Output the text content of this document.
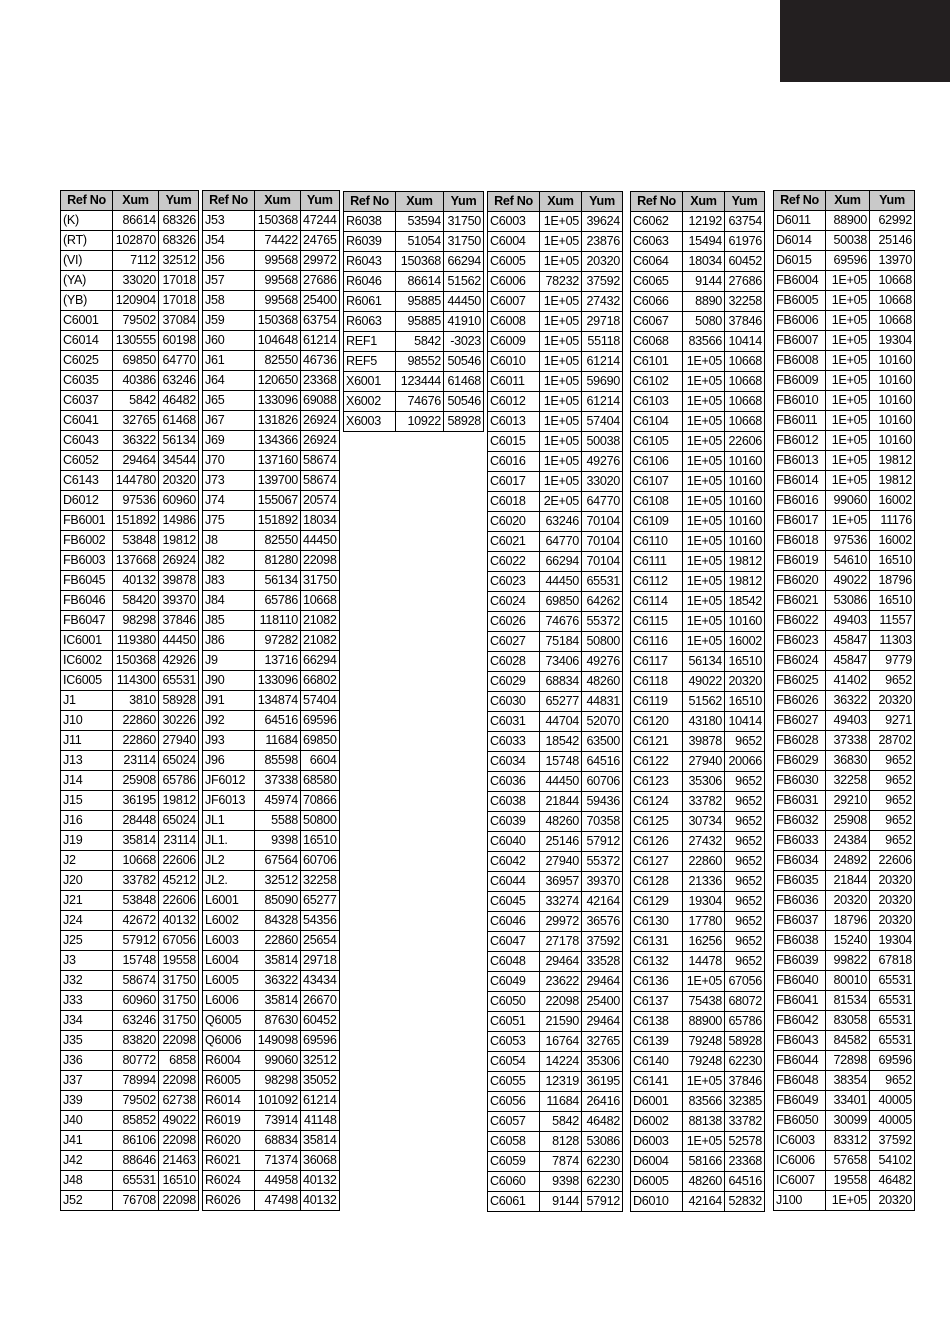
Ref No	Xum	Yum
(K)	86614	68326
(RT)	102870	68326
(VI)	7112	32512
(YA)	33020	17018
(YB)	120904	17018
C6001	79502	37084
C6014	130555	60198
C6025	69850	64770
C6035	40386	63246
C6037	5842	46482
C6041	32765	61468
C6043	36322	56134
C6052	29464	34544
C6143	144780	20320
D6012	97536	60960
FB6001	151892	14986
FB6002	53848	19812
FB6003	137668	26924
FB6045	40132	39878
FB6046	58420	39370
FB6047	98298	37846
IC6001	119380	44450
IC6002	150368	42926
IC6005	114300	65531
J1	3810	58928
J10	22860	30226
J11	22860	27940
J13	23114	65024
J14	25908	65786
J15	36195	19812
J16	28448	65024
J19	35814	23114
J2	10668	22606
J20	33782	45212
J21	53848	22606
J24	42672	40132
J25	57912	67056
J3	15748	19558
J32	58674	31750
J33	60960	31750
J34	63246	31750
J35	83820	22098
J36	80772	6858
J37	78994	22098
J39	79502	62738
J40	85852	49022
J41	86106	22098
J42	88646	21463
J48	65531	16510
J52	76708	22098
Ref No	Xum	Yum
J53	150368	47244
J54	74422	24765
J56	99568	29972
J57	99568	27686
J58	99568	25400
J59	150368	63754
J60	104648	61214
J61	82550	46736
J64	120650	23368
J65	133096	69088
J67	131826	26924
J69	134366	26924
J70	137160	58674
J73	139700	58674
J74	155067	20574
J75	151892	18034
J8	82550	44450
J82	81280	22098
J83	56134	31750
J84	65786	10668
J85	118110	21082
J86	97282	21082
J9	13716	66294
J90	133096	66802
J91	134874	57404
J92	64516	69596
J93	11684	69850
J96	85598	6604
JF6012	37338	68580
JF6013	45974	70866
JL1	5588	50800
JL1.	9398	16510
JL2	67564	60706
JL2.	32512	32258
L6001	85090	65277
L6002	84328	54356
L6003	22860	25654
L6004	35814	29718
L6005	36322	43434
L6006	35814	26670
Q6005	87630	60452
Q6006	149098	69596
R6004	99060	32512
R6005	98298	35052
R6014	101092	61214
R6019	73914	41148
R6020	68834	35814
R6021	71374	36068
R6024	44958	40132
R6026	47498	40132
Ref No	Xum	Yum
R6038	53594	31750
R6039	51054	31750
R6043	150368	66294
R6046	86614	51562
R6061	95885	44450
R6063	95885	41910
REF1	5842	-3023
REF5	98552	50546
X6001	123444	61468
X6002	74676	50546
X6003	10922	58928
Ref No	Xum	Yum
C6003	1E+05	39624
C6004	1E+05	23876
C6005	1E+05	20320
C6006	78232	37592
C6007	1E+05	27432
C6008	1E+05	29718
C6009	1E+05	55118
C6010	1E+05	61214
C6011	1E+05	59690
C6012	1E+05	61214
C6013	1E+05	57404
C6015	1E+05	50038
C6016	1E+05	49276
C6017	1E+05	33020
C6018	2E+05	64770
C6020	63246	70104
C6021	64770	70104
C6022	66294	70104
C6023	44450	65531
C6024	69850	64262
C6026	74676	55372
C6027	75184	50800
C6028	73406	49276
C6029	68834	48260
C6030	65277	44831
C6031	44704	52070
C6033	18542	63500
C6034	15748	64516
C6036	44450	60706
C6038	21844	59436
C6039	48260	70358
C6040	25146	57912
C6042	27940	55372
C6044	36957	39370
C6045	33274	42164
C6046	29972	36576
C6047	27178	37592
C6048	29464	33528
C6049	23622	29464
C6050	22098	25400
C6051	21590	29464
C6053	16764	32765
C6054	14224	35306
C6055	12319	36195
C6056	11684	26416
C6057	5842	46482
C6058	8128	53086
C6059	7874	62230
C6060	9398	62230
C6061	9144	57912
Ref No	Xum	Yum
C6062	12192	63754
C6063	15494	61976
C6064	18034	60452
C6065	9144	27686
C6066	8890	32258
C6067	5080	37846
C6068	83566	10414
C6101	1E+05	10668
C6102	1E+05	10668
C6103	1E+05	10668
C6104	1E+05	10668
C6105	1E+05	22606
C6106	1E+05	10160
C6107	1E+05	10160
C6108	1E+05	10160
C6109	1E+05	10160
C6110	1E+05	10160
C6111	1E+05	19812
C6112	1E+05	19812
C6114	1E+05	18542
C6115	1E+05	10160
C6116	1E+05	16002
C6117	56134	16510
C6118	49022	20320
C6119	51562	16510
C6120	43180	10414
C6121	39878	9652
C6122	27940	20066
C6123	35306	9652
C6124	33782	9652
C6125	30734	9652
C6126	27432	9652
C6127	22860	9652
C6128	21336	9652
C6129	19304	9652
C6130	17780	9652
C6131	16256	9652
C6132	14478	9652
C6136	1E+05	67056
C6137	75438	68072
C6138	88900	65786
C6139	79248	58928
C6140	79248	62230
C6141	1E+05	37846
D6001	83566	32385
D6002	88138	33782
D6003	1E+05	52578
D6004	58166	23368
D6005	48260	64516
D6010	42164	52832
Ref No	Xum	Yum
D6011	88900	62992
D6014	50038	25146
D6015	69596	13970
FB6004	1E+05	10668
FB6005	1E+05	10668
FB6006	1E+05	10668
FB6007	1E+05	19304
FB6008	1E+05	10160
FB6009	1E+05	10160
FB6010	1E+05	10160
FB6011	1E+05	10160
FB6012	1E+05	10160
FB6013	1E+05	19812
FB6014	1E+05	19812
FB6016	99060	16002
FB6017	1E+05	11176
FB6018	97536	16002
FB6019	54610	16510
FB6020	49022	18796
FB6021	53086	16510
FB6022	49403	11557
FB6023	45847	11303
FB6024	45847	9779
FB6025	41402	9652
FB6026	36322	20320
FB6027	49403	9271
FB6028	37338	28702
FB6029	36830	9652
FB6030	32258	9652
FB6031	29210	9652
FB6032	25908	9652
FB6033	24384	9652
FB6034	24892	22606
FB6035	21844	20320
FB6036	20320	20320
FB6037	18796	20320
FB6038	15240	19304
FB6039	99822	67818
FB6040	80010	65531
FB6041	81534	65531
FB6042	83058	65531
FB6043	84582	65531
FB6044	72898	69596
FB6048	38354	9652
FB6049	33401	40005
FB6050	30099	40005
IC6003	83312	37592
IC6006	57658	54102
IC6007	19558	46482
J100	1E+05	20320
